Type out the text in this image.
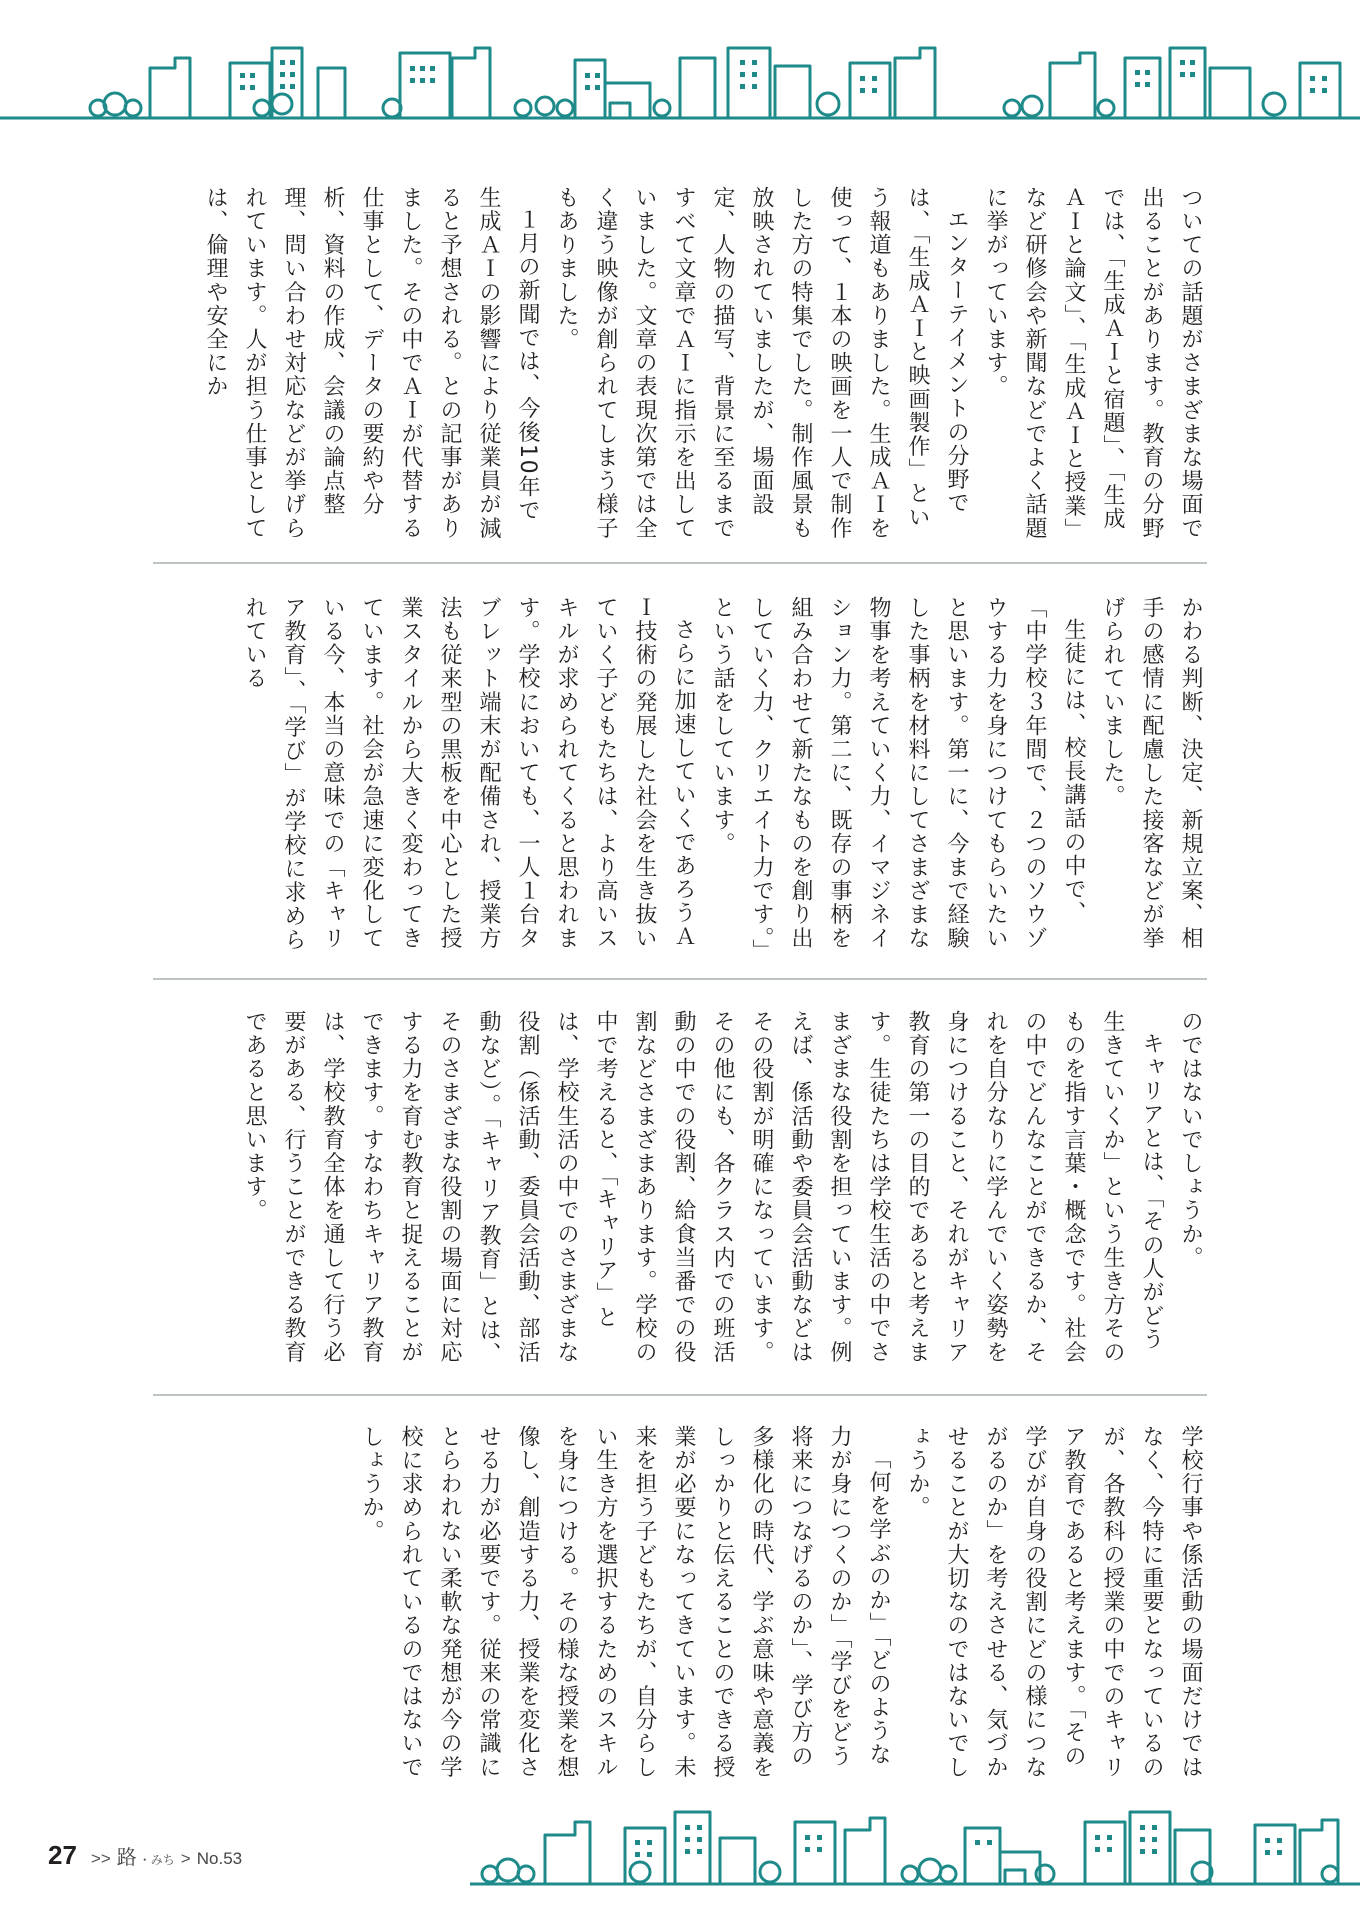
ついての話題がさまざまな場面で出ることがあります。教育の分野では、「生成ＡＩと宿題」、「生成ＡＩと論文」、「生成ＡＩと授業」など研修会や新聞などでよく話題に挙がっています。

エンターテイメントの分野では、「生成ＡＩと映画製作」という報道もありました。生成ＡＩを使って、１本の映画を一人で制作した方の特集でした。制作風景も放映されていましたが、場面設定、人物の描写、背景に至るまですべて文章でＡＩに指示を出していました。文章の表現次第では全く違う映像が創られてしまう様子もありました。

１月の新聞では、今後10年で生成ＡＩの影響により従業員が減ると予想される。との記事がありました。その中でＡＩが代替する仕事として、データの要約や分析、資料の作成、会議の論点整理、問い合わせ対応などが挙げられています。人が担う仕事としては、倫理や安全にか

かわる判断、決定、新規立案、相手の感情に配慮した接客などが挙げられていました。

生徒には、校長講話の中で、「中学校３年間で、２つのソウゾウする力を身につけてもらいたいと思います。第一に、今まで経験した事柄を材料にしてさまざまな物事を考えていく力、イマジネイション力。第二に、既存の事柄を組み合わせて新たなものを創り出していく力、クリエイト力です。」という話をしています。

さらに加速していくであろうＡＩ技術の発展した社会を生き抜いていく子どもたちは、より高いスキルが求められてくると思われます。学校においても、一人１台タブレット端末が配備され、授業方法も従来型の黒板を中心とした授業スタイルから大きく変わってきています。社会が急速に変化している今、本当の意味での「キャリア教育」、「学び」が学校に求められている

のではないでしょうか。

キャリアとは、「その人がどう生きていくか」という生き方そのものを指す言葉・概念です。社会の中でどんなことができるか、それを自分なりに学んでいく姿勢を身につけること、それがキャリア教育の第一の目的であると考えます。生徒たちは学校生活の中でさまざまな役割を担っています。例えば、係活動や委員会活動などはその役割が明確になっています。その他にも、各クラス内での班活動の中での役割、給食当番での役割などさまざまあります。学校の中で考えると、「キャリア」とは、学校生活の中でのさまざまな役割（係活動、委員会活動、部活動など）。「キャリア教育」とは、そのさまざまな役割の場面に対応する力を育む教育と捉えることができます。すなわちキャリア教育は、学校教育全体を通して行う必要がある、行うことができる教育であると思います。

学校行事や係活動の場面だけではなく、今特に重要となっているのが、各教科の授業の中でのキャリア教育であると考えます。「その学びが自身の役割にどの様につながるのか」を考えさせる、気づかせることが大切なのではないでしょうか。

「何を学ぶのか」「どのような力が身につくのか」「学びをどう将来につなげるのか」、学び方の多様化の時代、学ぶ意味や意義をしっかりと伝えることのできる授業が必要になってきています。未来を担う子どもたちが、自分らしい生き方を選択するためのスキルを身につける。その様な授業を想像し、創造する力、授業を変化させる力が必要です。従来の常識にとらわれない柔軟な発想が今の学校に求められているのではないでしょうか。

27 >> 路 ・みち > No.53
